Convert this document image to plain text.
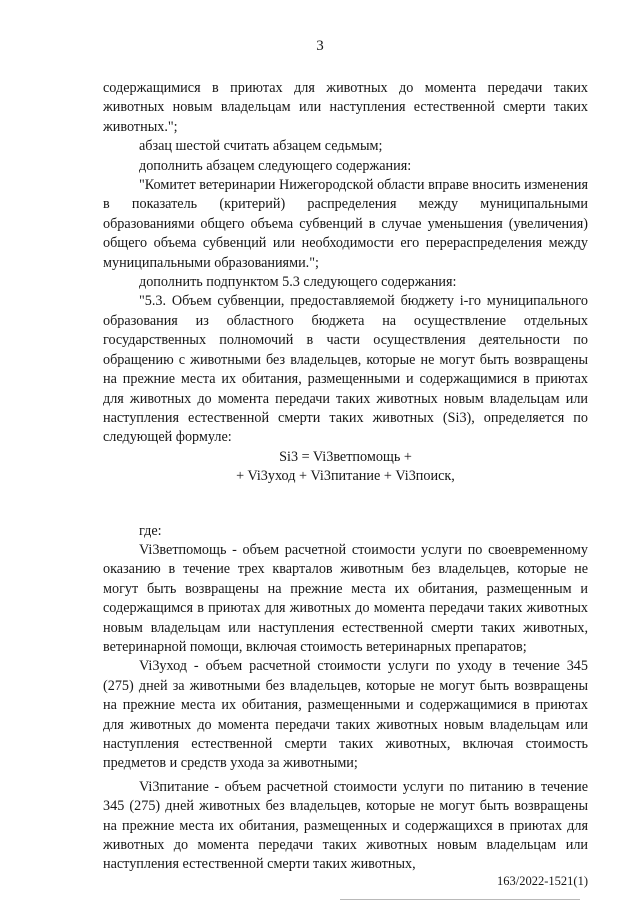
3

содержащимися в приютах для животных до момента передачи таких животных новым владельцам или наступления естественной смерти таких животных.";

абзац шестой считать абзацем седьмым;

дополнить абзацем следующего содержания:

"Комитет ветеринарии Нижегородской области вправе вносить изменения в показатель (критерий) распределения между муниципальными образованиями общего объема субвенций в случае уменьшения (увеличения) общего объема субвенций или необходимости его перераспределения между муниципальными образованиями.";

дополнить подпунктом 5.3 следующего содержания:

"5.3. Объем субвенции, предоставляемой бюджету i-го муниципального образования из областного бюджета на осуществление отдельных государственных полномочий в части осуществления деятельности по обращению с животными без владельцев, которые не могут быть возвращены на прежние места их обитания, размещенными и содержащимися в приютах для животных до момента передачи таких животных новым владельцам или наступления естественной смерти таких животных (Si3), определяется по следующей формуле:

Si3 = Vi3ветпомощь +

+ Vi3уход + Vi3питание + Vi3поиск,

где:

Vi3ветпомощь - объем расчетной стоимости услуги по своевременному оказанию в течение трех кварталов животным без владельцев, которые не могут быть возвращены на прежние места их обитания, размещенным и содержащимся в приютах для животных до момента передачи таких животных новым владельцам или наступления естественной смерти таких животных, ветеринарной помощи, включая стоимость ветеринарных препаратов;

Vi3уход - объем расчетной стоимости услуги по уходу в течение 345 (275) дней за животными без владельцев, которые не могут быть возвращены на прежние места их обитания, размещенными и содержащимися в приютах для животных до момента передачи таких животных новым владельцам или наступления естественной смерти таких животных, включая стоимость предметов и средств ухода за животными;

Vi3питание - объем расчетной стоимости услуги по питанию в течение 345 (275) дней животных без владельцев, которые не могут быть возвращены на прежние места их обитания, размещенных и содержащихся в приютах для животных до момента передачи таких животных новым владельцам или наступления естественной смерти таких животных,

163/2022-1521(1)
